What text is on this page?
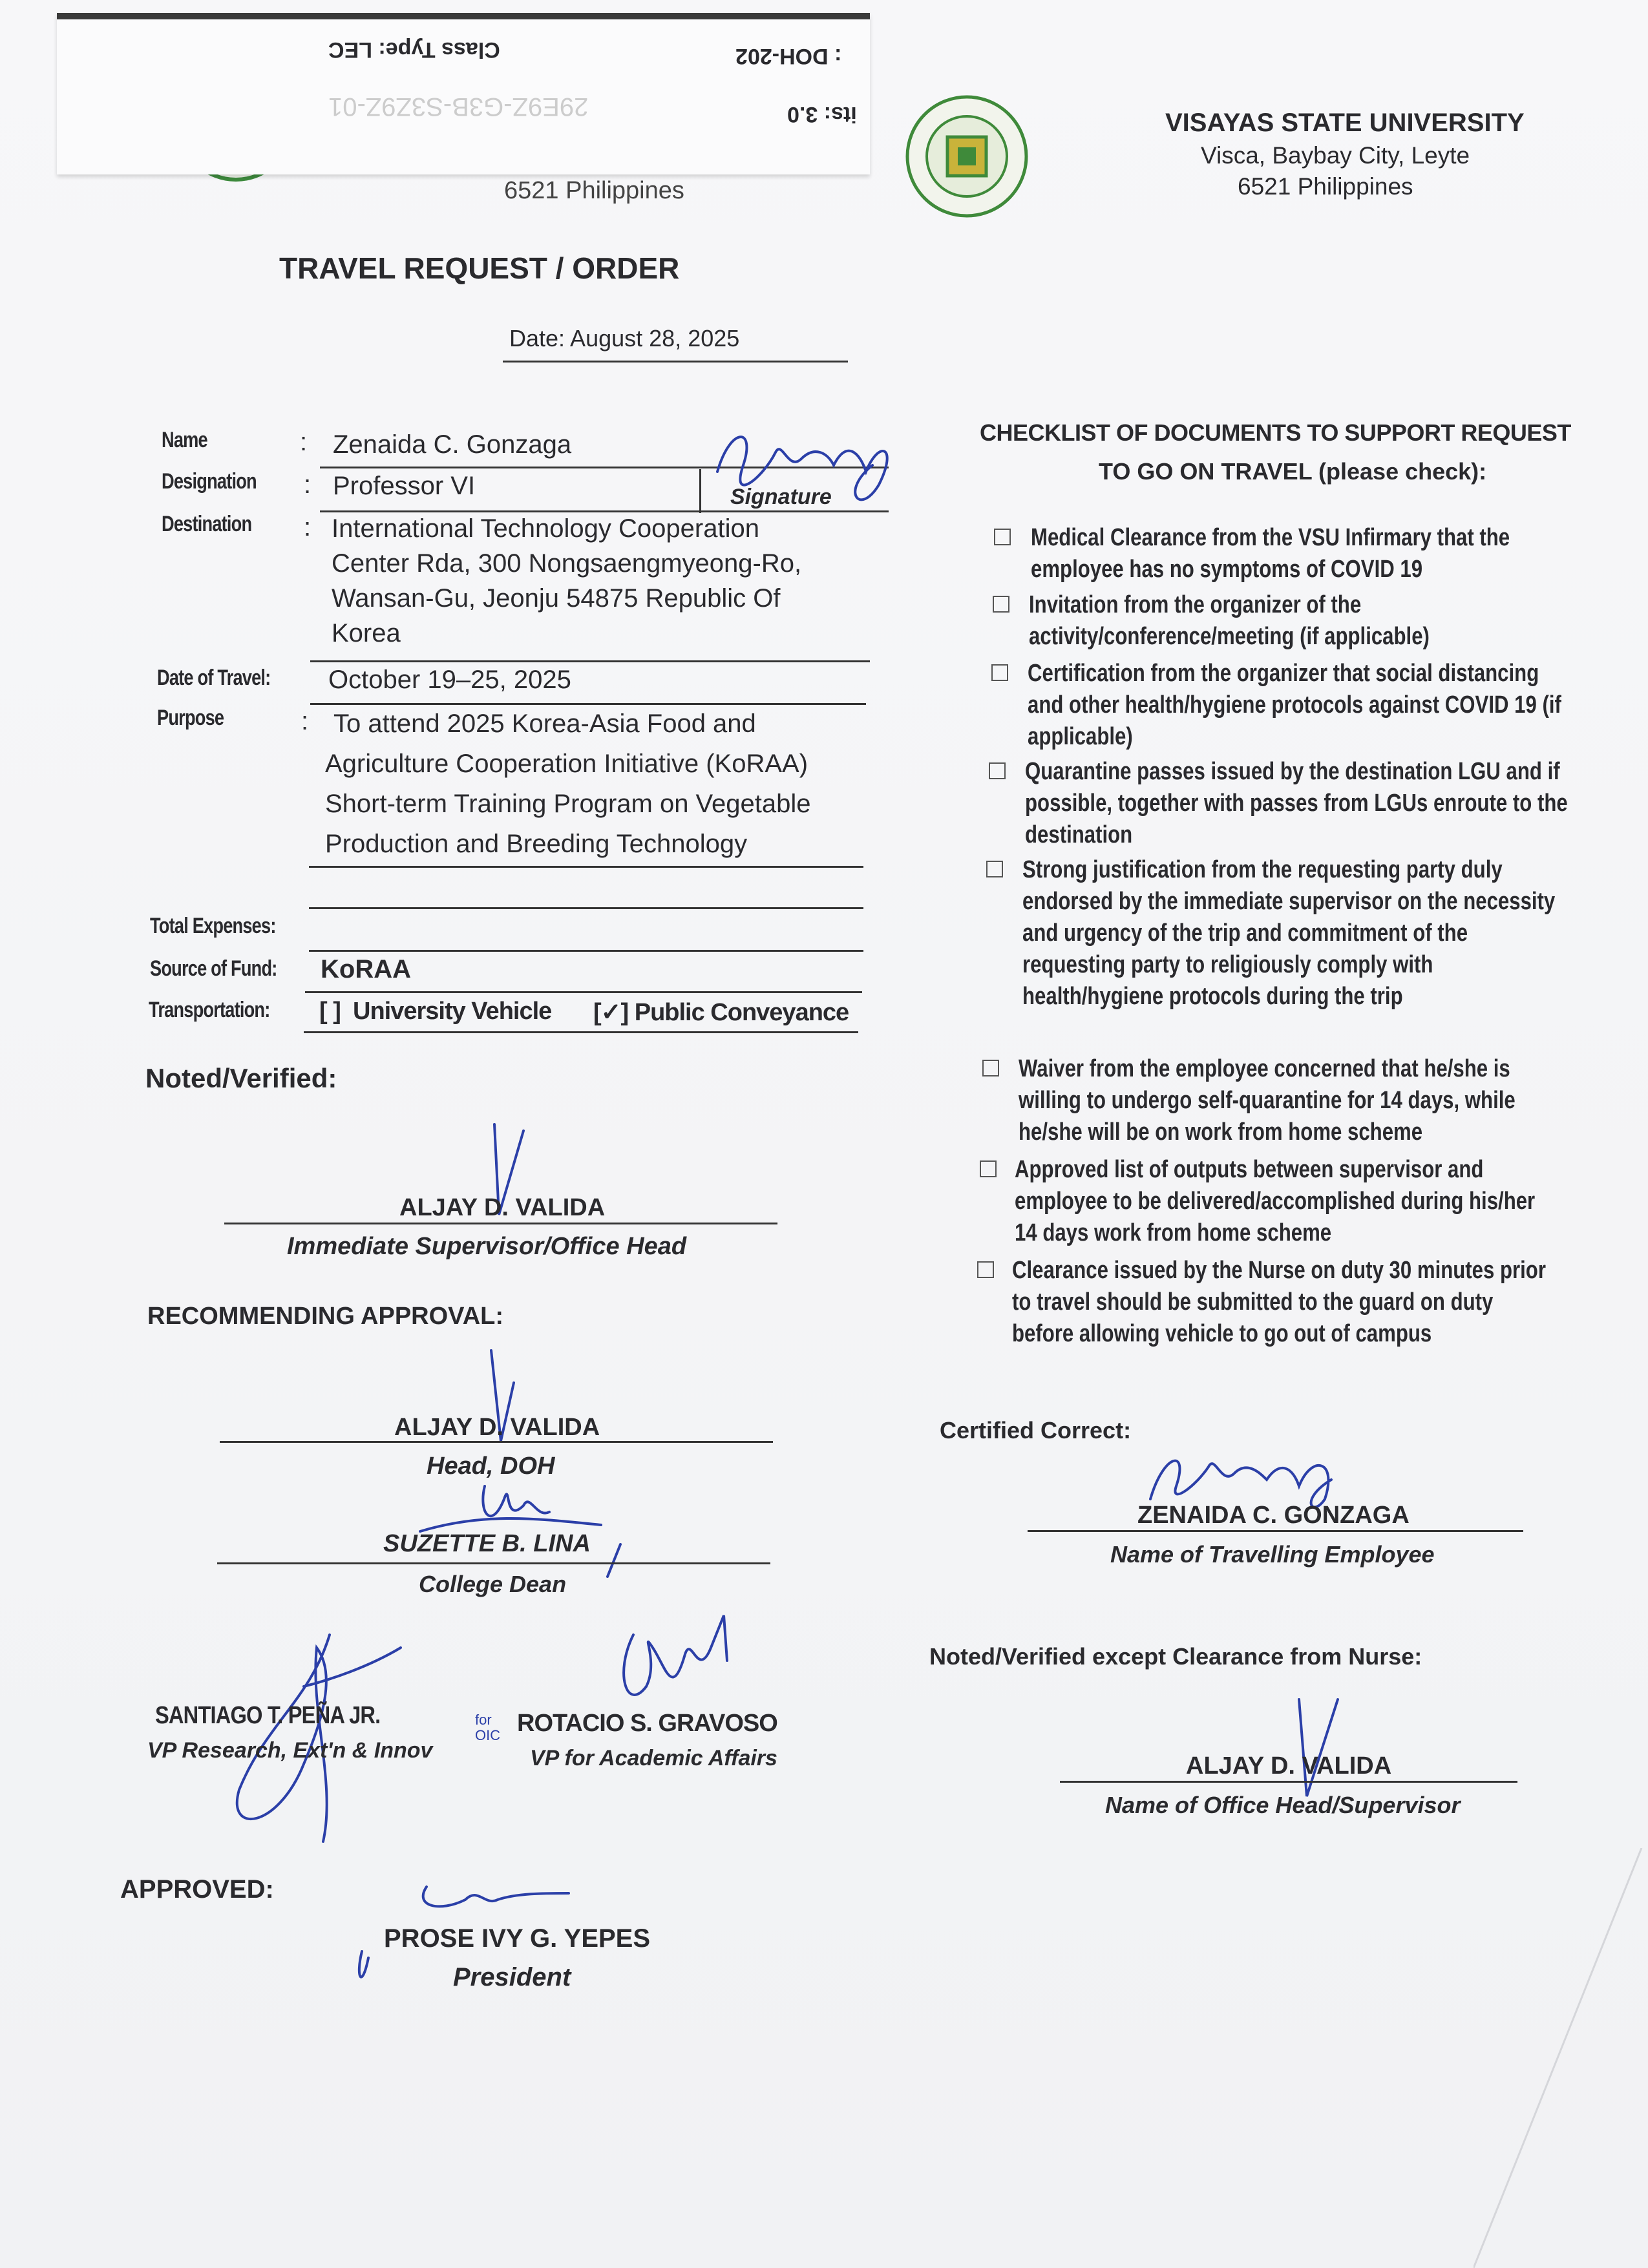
Class Type: LEC	: DOH-202
its: 3.0
29E9Z-G3B-S3Z9Z-01
6521 Philippines
VISAYAS STATE UNIVERSITY
Visca, Baybay City, Leyte
6521 Philippines
TRAVEL REQUEST / ORDER
Date: August 28, 2025
Name	: Zenaida C. Gonzaga
Designation : Professor VI	Signature
Destination : International Technology Cooperation
Center Rda, 300 Nongsaengmyeong-Ro,
Wansan-Gu, Jeonju 54875 Republic Of
Korea
Date of Travel: October 19–25, 2025
Purpose	: To attend 2025 Korea-Asia Food and
Agriculture Cooperation Initiative (KoRAA)
Short-term Training Program on Vegetable
Production and Breeding Technology
Total Expenses:
Source of Fund: KoRAA
Transportation: [ ] University Vehicle [✓] Public Conveyance
Noted/Verified:
ALJAY D. VALIDA
Immediate Supervisor/Office Head
RECOMMENDING APPROVAL:
ALJAY D. VALIDA
Head, DOH
SUZETTE B. LINA
College Dean
SANTIAGO T. PEÑA JR.
VP Research, Ext'n & Innov
for OIC ROTACIO S. GRAVOSO
VP for Academic Affairs
APPROVED:
PROSE IVY G. YEPES
President
CHECKLIST OF DOCUMENTS TO SUPPORT REQUEST
TO GO ON TRAVEL (please check):
Medical Clearance from the VSU Infirmary that the employee has no symptoms of COVID 19
Invitation from the organizer of the activity/conference/meeting (if applicable)
Certification from the organizer that social distancing and other health/hygiene protocols against COVID 19 (if applicable)
Quarantine passes issued by the destination LGU and if possible, together with passes from LGUs enroute to the destination
Strong justification from the requesting party duly endorsed by the immediate supervisor on the necessity and urgency of the trip and commitment of the requesting party to religiously comply with health/hygiene protocols during the trip
Waiver from the employee concerned that he/she is willing to undergo self-quarantine for 14 days, while he/she will be on work from home scheme
Approved list of outputs between supervisor and employee to be delivered/accomplished during his/her 14 days work from home scheme
Clearance issued by the Nurse on duty 30 minutes prior to travel should be submitted to the guard on duty before allowing vehicle to go out of campus
Certified Correct:
ZENAIDA C. GONZAGA
Name of Travelling Employee
Noted/Verified except Clearance from Nurse:
ALJAY D. VALIDA
Name of Office Head/Supervisor
